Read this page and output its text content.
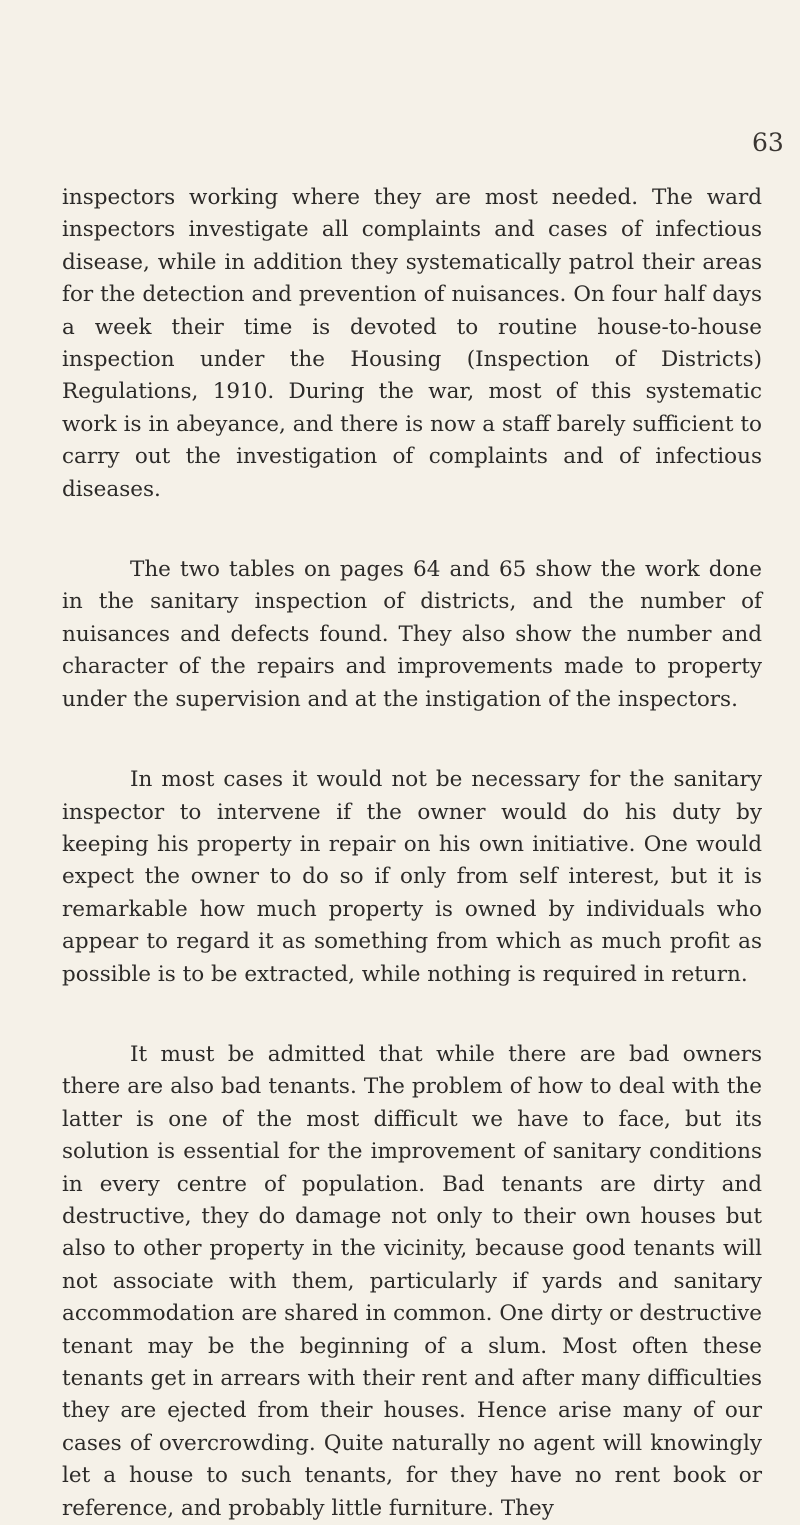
63

inspectors working where they are most needed. The ward inspectors investigate all complaints and cases of infectious disease, while in addition they systematically patrol their areas for the detection and prevention of nuisances. On four half days a week their time is devoted to routine house-to-house inspection under the Housing (Inspection of Districts) Regulations, 1910. During the war, most of this systematic work is in abeyance, and there is now a staff barely sufficient to carry out the investigation of complaints and of infectious diseases.

The two tables on pages 64 and 65 show the work done in the sanitary inspection of districts, and the number of nuisances and defects found. They also show the number and character of the repairs and improvements made to property under the supervision and at the instigation of the inspectors.

In most cases it would not be necessary for the sanitary inspector to intervene if the owner would do his duty by keeping his property in repair on his own initiative. One would expect the owner to do so if only from self interest, but it is remarkable how much property is owned by individuals who appear to regard it as something from which as much profit as possible is to be extracted, while nothing is required in return.

It must be admitted that while there are bad owners there are also bad tenants. The problem of how to deal with the latter is one of the most difficult we have to face, but its solution is essential for the improvement of sanitary conditions in every centre of population. Bad tenants are dirty and destructive, they do damage not only to their own houses but also to other property in the vicinity, because good tenants will not associate with them, particularly if yards and sanitary accommodation are shared in common. One dirty or destructive tenant may be the beginning of a slum. Most often these tenants get in arrears with their rent and after many difficulties they are ejected from their houses. Hence arise many of our cases of overcrowding. Quite naturally no agent will knowingly let a house to such tenants, for they have no rent book or reference, and probably little furniture. They
